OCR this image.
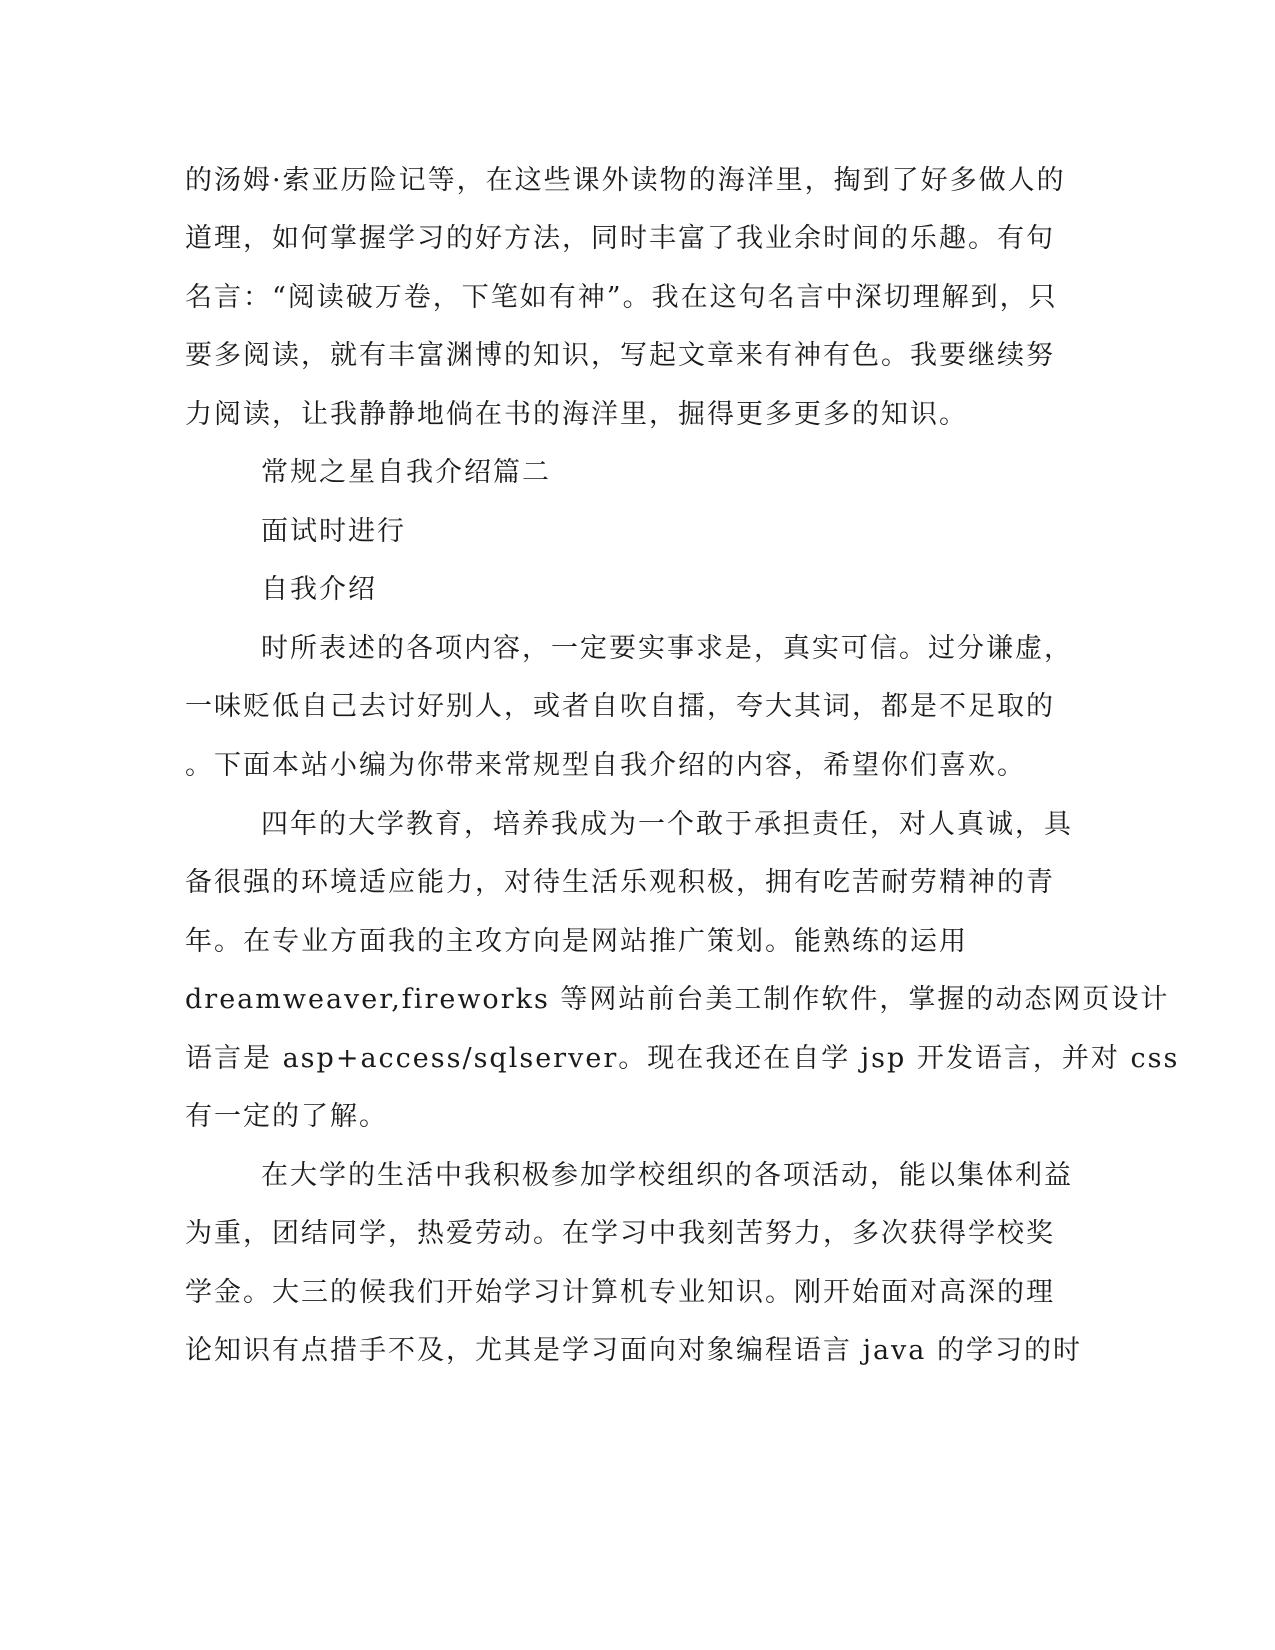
的汤姆·索亚历险记等，在这些课外读物的海洋里，掏到了好多做人的
道理，如何掌握学习的好方法，同时丰富了我业余时间的乐趣。有句
名言：“阅读破万卷，下笔如有神”。我在这句名言中深切理解到，只
要多阅读，就有丰富渊博的知识，写起文章来有神有色。我要继续努
力阅读，让我静静地倘在书的海洋里，掘得更多更多的知识。
常规之星自我介绍篇二
面试时进行
自我介绍
时所表述的各项内容，一定要实事求是，真实可信。过分谦虚，
一味贬低自己去讨好别人，或者自吹自擂，夸大其词，都是不足取的
。下面本站小编为你带来常规型自我介绍的内容，希望你们喜欢。
四年的大学教育，培养我成为一个敢于承担责任，对人真诚，具
备很强的环境适应能力，对待生活乐观积极，拥有吃苦耐劳精神的青
年。在专业方面我的主攻方向是网站推广策划。能熟练的运用
dreamweaver,fireworks 等网站前台美工制作软件，掌握的动态网页设计
语言是 asp+access/sqlserver。现在我还在自学 jsp 开发语言，并对 css
有一定的了解。
在大学的生活中我积极参加学校组织的各项活动，能以集体利益
为重，团结同学，热爱劳动。在学习中我刻苦努力，多次获得学校奖
学金。大三的候我们开始学习计算机专业知识。刚开始面对高深的理
论知识有点措手不及，尤其是学习面向对象编程语言 java 的学习的时
